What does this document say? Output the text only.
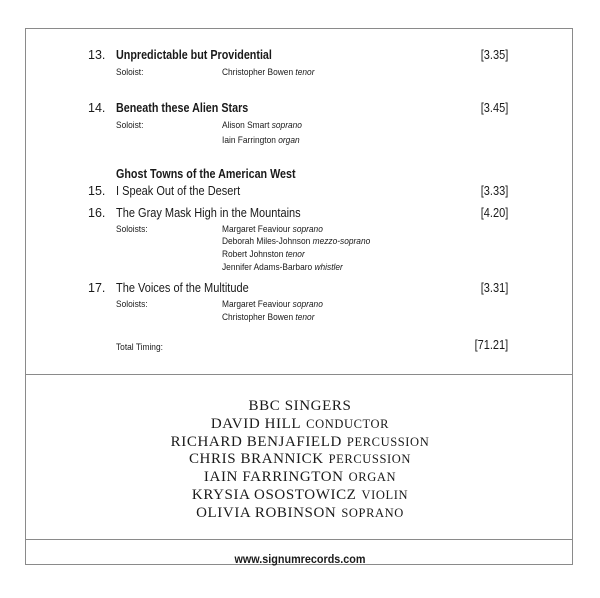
13. Unpredictable but Providential	[3.35]
Soloist:	Christopher Bowen tenor
14. Beneath these Alien Stars	[3.45]
Soloist:	Alison Smart soprano
Iain Farrington organ
Ghost Towns of the American West
15. I Speak Out of the Desert	[3.33]
16. The Gray Mask High in the Mountains	[4.20]
Soloists:	Margaret Feaviour soprano
Deborah Miles-Johnson mezzo-soprano
Robert Johnston tenor
Jennifer Adams-Barbaro whistler
17. The Voices of the Multitude	[3.31]
Soloists:	Margaret Feaviour soprano
Christopher Bowen tenor
Total Timing:	[71.21]
BBC SINGERS
DAVID HILL CONDUCTOR
RICHARD BENJAFIELD PERCUSSION
CHRIS BRANNICK PERCUSSION
IAIN FARRINGTON ORGAN
KRYSIA OSOSTOWICZ VIOLIN
OLIVIA ROBINSON SOPRANO
www.signumrecords.com
